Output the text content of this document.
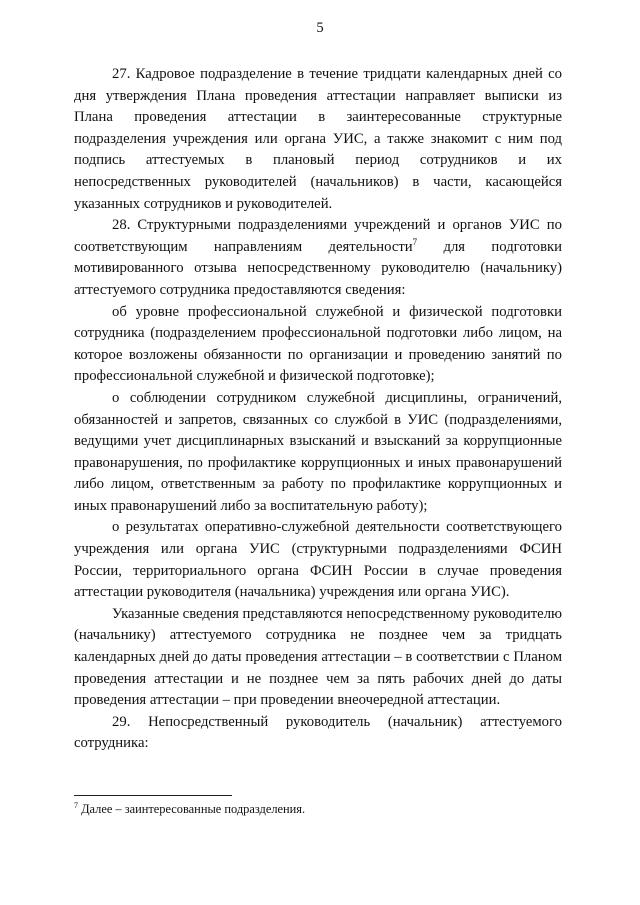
5

27. Кадровое подразделение в течение тридцати календарных дней со дня утверждения Плана проведения аттестации направляет выписки из Плана проведения аттестации в заинтересованные структурные подразделения учреждения или органа УИС, а также знакомит с ним под подпись аттестуемых в плановый период сотрудников и их непосредственных руководителей (начальников) в части, касающейся указанных сотрудников и руководителей.

28. Структурными подразделениями учреждений и органов УИС по соответствующим направлениям деятельности$^7$ для подготовки мотивированного отзыва непосредственному руководителю (начальнику) аттестуемого сотрудника предоставляются сведения:

об уровне профессиональной служебной и физической подготовки сотрудника (подразделением профессиональной подготовки либо лицом, на которое возложены обязанности по организации и проведению занятий по профессиональной служебной и физической подготовке);

о соблюдении сотрудником служебной дисциплины, ограничений, обязанностей и запретов, связанных со службой в УИС (подразделениями, ведущими учет дисциплинарных взысканий и взысканий за коррупционные правонарушения, по профилактике коррупционных и иных правонарушений либо лицом, ответственным за работу по профилактике коррупционных и иных правонарушений либо за воспитательную работу);

о результатах оперативно-служебной деятельности соответствующего учреждения или органа УИС (структурными подразделениями ФСИН России, территориального органа ФСИН России в случае проведения аттестации руководителя (начальника) учреждения или органа УИС).

Указанные сведения представляются непосредственному руководителю (начальнику) аттестуемого сотрудника не позднее чем за тридцать календарных дней до даты проведения аттестации – в соответствии с Планом проведения аттестации и не позднее чем за пять рабочих дней до даты проведения аттестации – при проведении внеочередной аттестации.

29. Непосредственный руководитель (начальник) аттестуемого сотрудника:

$^7$ Далее – заинтересованные подразделения.
